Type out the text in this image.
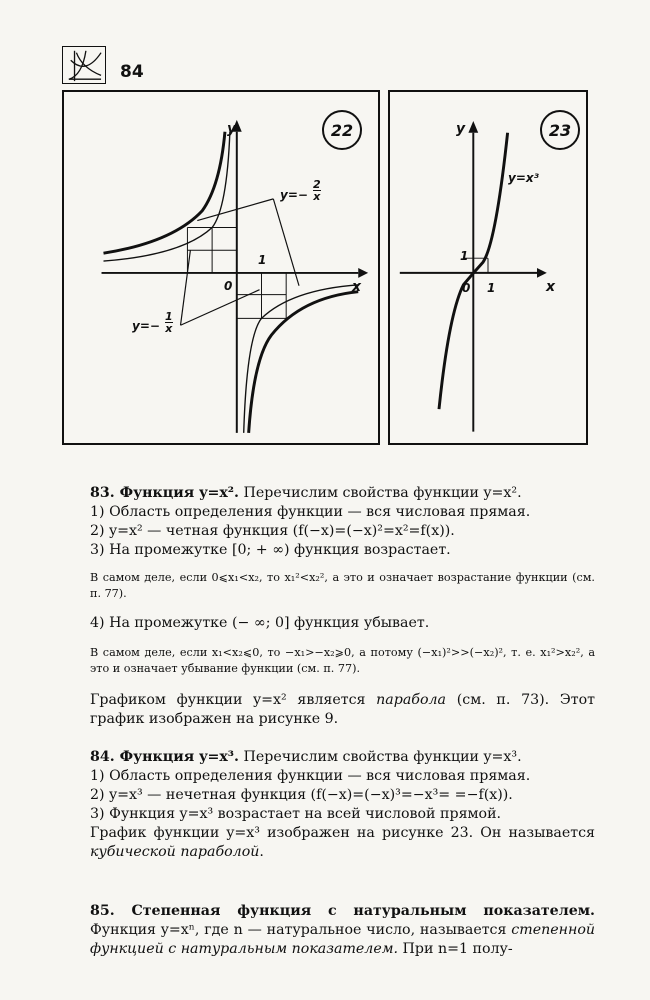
84
22
y
x
0
1
$y=- \frac{2}{x}$
$y=- \frac{1}{x}$
23
y
x
0 1
1
y=x³

83. Функция y=x². Перечислим свойства функции y=x².

1) Область определения функции — вся числовая прямая.

2) y=x² — четная функция (f(−x)=(−x)²=x²=f(x)).

3) На промежутке [0; + ∞) функция возрастает.

В самом деле, если 0⩽x₁<x₂, то x₁²<x₂², а это и означает возрастание функции (см. п. 77).

4) На промежутке (− ∞; 0] функция убывает.

В самом деле, если x₁<x₂⩽0, то −x₁>−x₂⩾0, а потому (−x₁)²>>(−x₂)², т. е. x₁²>x₂², а это и означает убывание функции (см. п. 77).

Графиком функции y=x² является парабола (см. п. 73). Этот график изображен на рисунке 9.

84. Функция y=x³. Перечислим свойства функции y=x³.

1) Область определения функции — вся числовая прямая.

2) y=x³ — нечетная функция (f(−x)=(−x)³=−x³= =−f(x)).

3) Функция y=x³ возрастает на всей числовой прямой.

График функции y=x³ изображен на рисунке 23. Он называется кубической параболой.

85. Степенная функция с натуральным показателем. Функция y=xⁿ, где n — натуральное число, называется степенной функцией с натуральным показателем. При n=1 полу-
